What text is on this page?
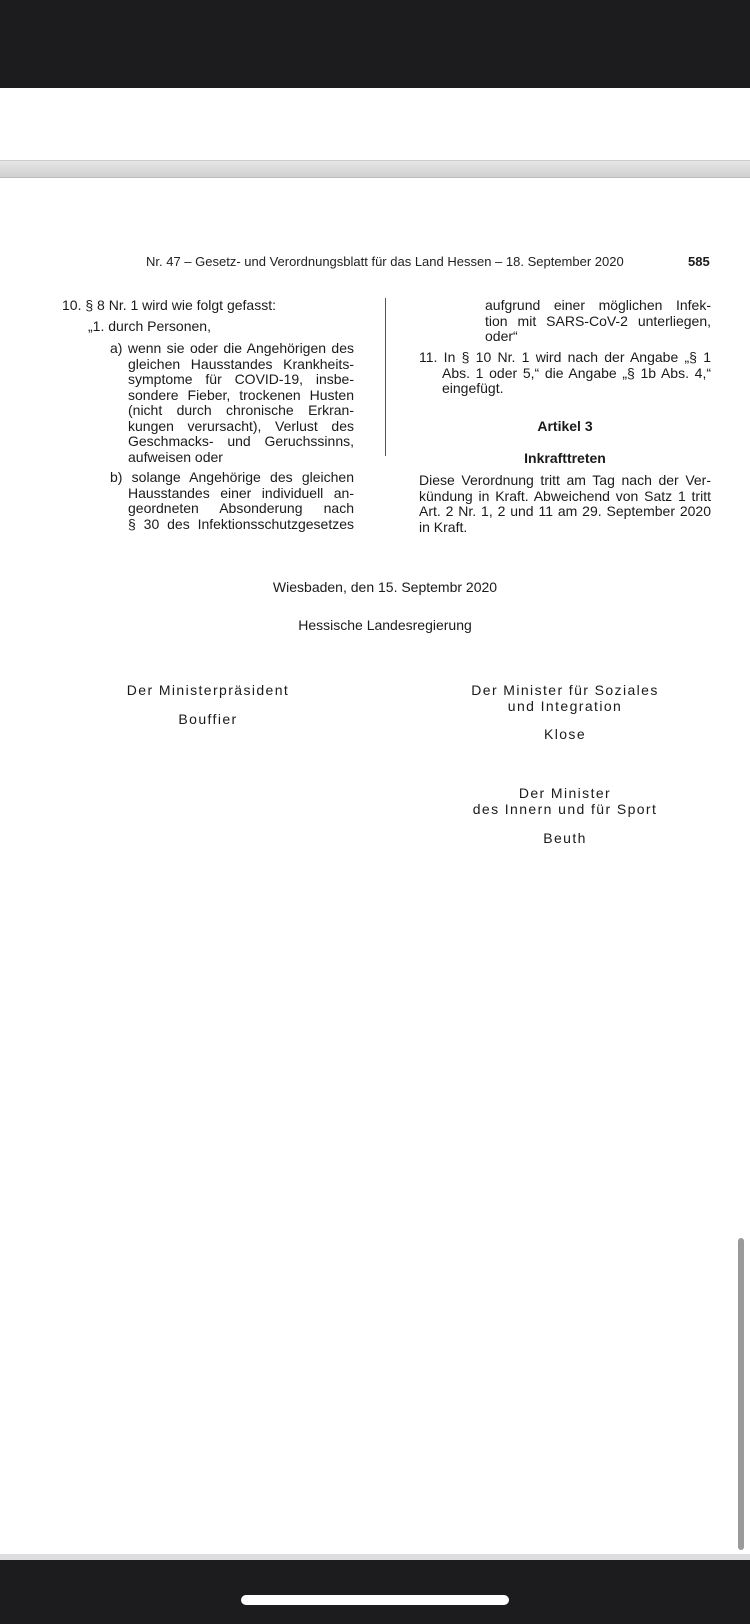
Nr. 47 – Gesetz- und Verordnungsblatt für das Land Hessen – 18. September 2020	585
10. § 8 Nr. 1 wird wie folgt gefasst:
„1. durch Personen,
a) wenn sie oder die Angehörigen des
gleichen Hausstandes Krankheits-
symptome für COVID-19, insbe-
sondere Fieber, trockenen Husten
(nicht durch chronische Erkran-
kungen verursacht), Verlust des
Geschmacks- und Geruchssinns,
aufweisen oder
b) solange Angehörige des gleichen
Hausstandes einer individuell an-
geordneten Absonderung nach
§ 30 des Infektionsschutzgesetzes
aufgrund einer möglichen Infek-
tion mit SARS-CoV-2 unterliegen,
oder“
11. In § 10 Nr. 1 wird nach der Angabe „§ 1
Abs. 1 oder 5,“ die Angabe „§ 1b Abs. 4,“
eingefügt.
Artikel 3
Inkrafttreten
Diese Verordnung tritt am Tag nach der Ver-
kündung in Kraft. Abweichend von Satz 1 tritt
Art. 2 Nr. 1, 2 und 11 am 29. September 2020
in Kraft.
Wiesbaden, den 15. Septembr 2020
Hessische Landesregierung
Der Ministerpräsident
Bouffier
Der Minister für Soziales
und Integration
Klose
Der Minister
des Innern und für Sport
Beuth
